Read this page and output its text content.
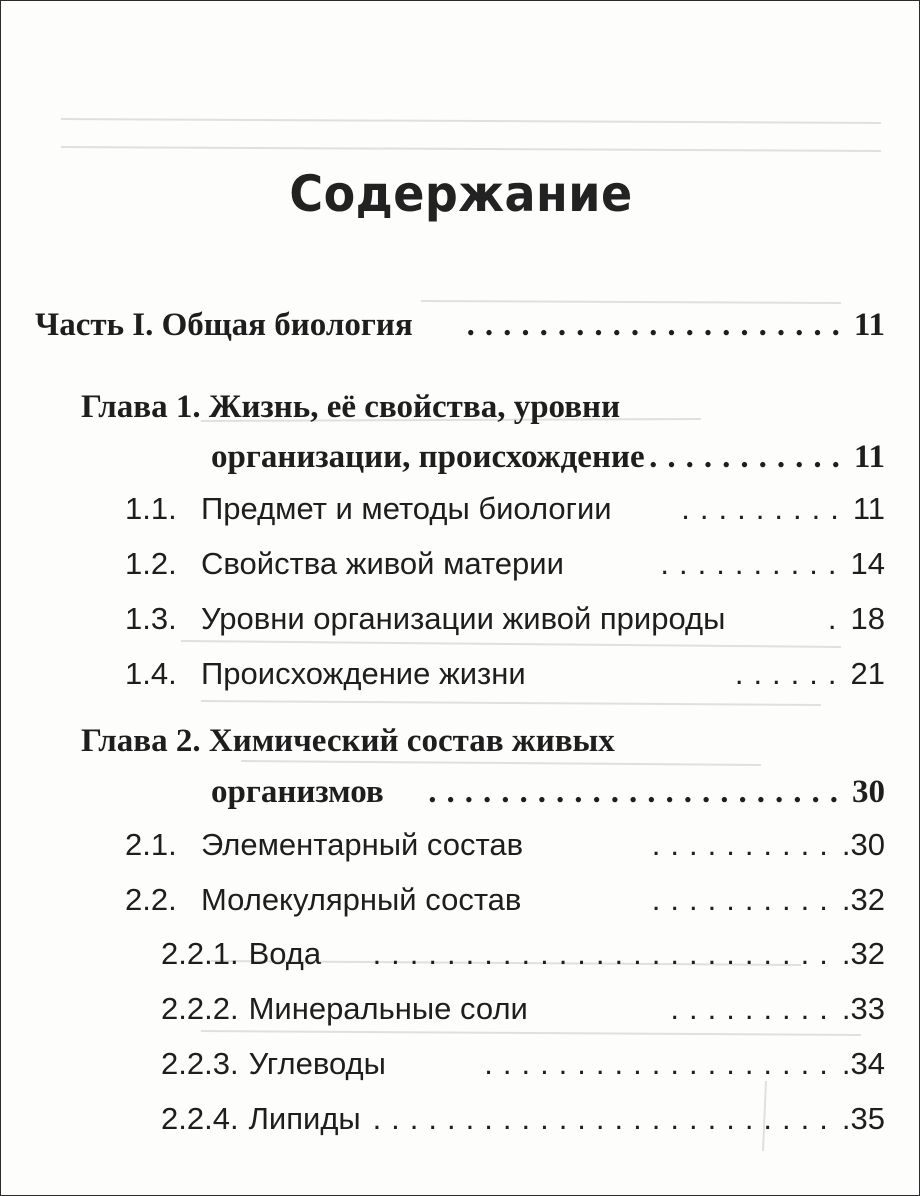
Содержание
Часть I. Общая биология	..................... 11
Глава 1. Жизнь, её свойства, уровни
организации, происхождение ........... 11
1.1. Предмет и методы биологии	......... 11
1.2. Свойства живой материи	.......... 14
1.3. Уровни организации живой природы	. 18
1.4. Происхождение жизни	...... 21
Глава 2. Химический состав живых
организмов	....................... 30
2.1. Элементарный состав	.......... .30
2.2. Молекулярный состав	.......... .32
2.2.1. Вода	......................... .32
2.2.2. Минеральные соли	......... .33
2.2.3. Углеводы	................... .34
2.2.4. Липиды ......................... .35
